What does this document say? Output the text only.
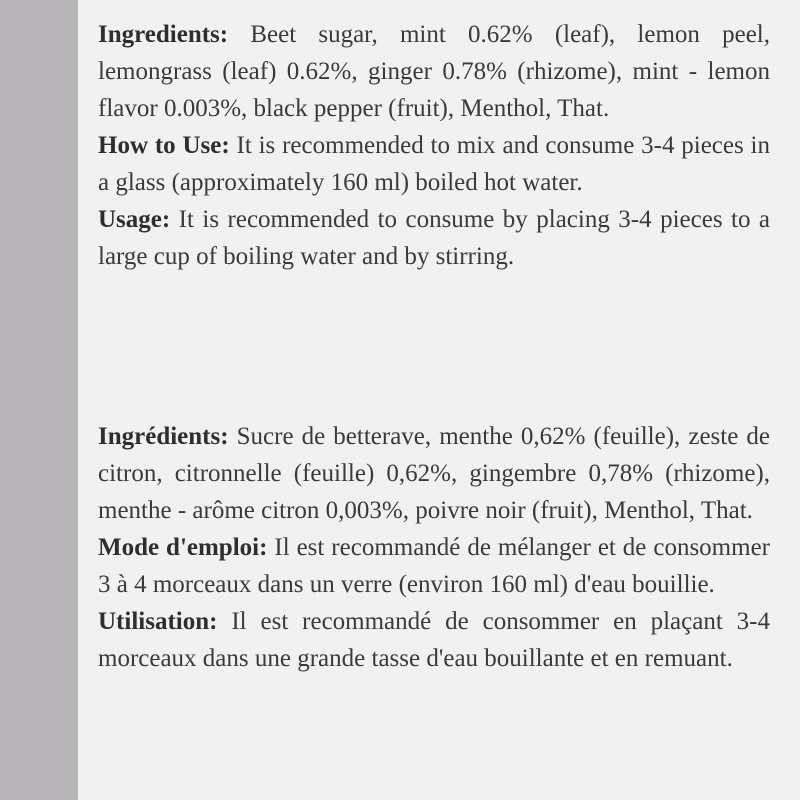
Ingredients: Beet sugar, mint 0.62% (leaf), lemon peel, lemongrass (leaf) 0.62%, ginger 0.78% (rhizome), mint - lemon flavor 0.003%, black pepper (fruit), Menthol, That.

How to Use: It is recommended to mix and consume 3-4 pieces in a glass (approximately 160 ml) boiled hot water.

Usage: It is recommended to consume by placing 3-4 pieces to a large cup of boiling water and by stirring.

Ingrédients: Sucre de betterave, menthe 0,62% (feuille), zeste de citron, citronnelle (feuille) 0,62%, gingembre 0,78% (rhizome), menthe - arôme citron 0,003%, poivre noir (fruit), Menthol, That.

Mode d'emploi: Il est recommandé de mélanger et de consommer 3 à 4 morceaux dans un verre (environ 160 ml) d'eau bouillie.

Utilisation: Il est recommandé de consommer en plaçant 3-4 morceaux dans une grande tasse d'eau bouillante et en remuant.
